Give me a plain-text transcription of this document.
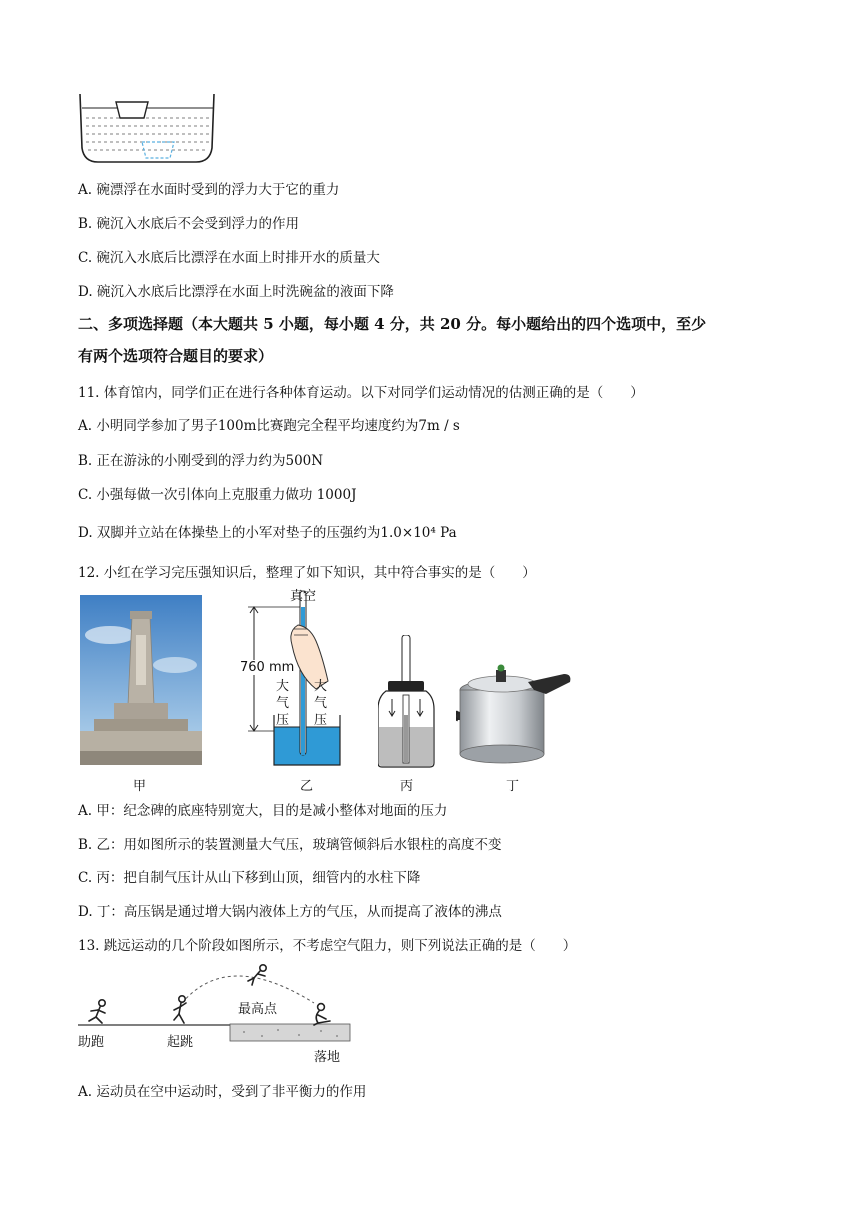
A. 碗漂浮在水面时受到的浮力大于它的重力
B. 碗沉入水底后不会受到浮力的作用
C. 碗沉入水底后比漂浮在水面上时排开水的质量大
D. 碗沉入水底后比漂浮在水面上时洗碗盆的液面下降
二、多项选择题（本大题共 5 小题，每小题 4 分，共 20 分。每小题给出的四个选项中，至少
有两个选项符合题目的要求）
11. 体育馆内，同学们正在进行各种体育运动。以下对同学们运动情况的估测正确的是（　　）
A. 小明同学参加了男子100m比赛跑完全程平均速度约为7m / s
B. 正在游泳的小刚受到的浮力约为500N
C. 小强每做一次引体向上克服重力做功 1000J
D. 双脚并立站在体操垫上的小军对垫子的压强约为1.0×10⁴ Pa
12. 小红在学习完压强知识后，整理了如下知识，其中符合事实的是（　　）
真空
760 mm
大
气
压
大
气
压
甲	乙	丙	丁
A. 甲：纪念碑的底座特别宽大，目的是减小整体对地面的压力
B. 乙：用如图所示的装置测量大气压，玻璃管倾斜后水银柱的高度不变
C. 丙：把自制气压计从山下移到山顶，细管内的水柱下降
D. 丁：高压锅是通过增大锅内液体上方的气压，从而提高了液体的沸点
13. 跳远运动的几个阶段如图所示，不考虑空气阻力，则下列说法正确的是（　　）
最高点
助跑	起跳
落地
A. 运动员在空中运动时，受到了非平衡力的作用
